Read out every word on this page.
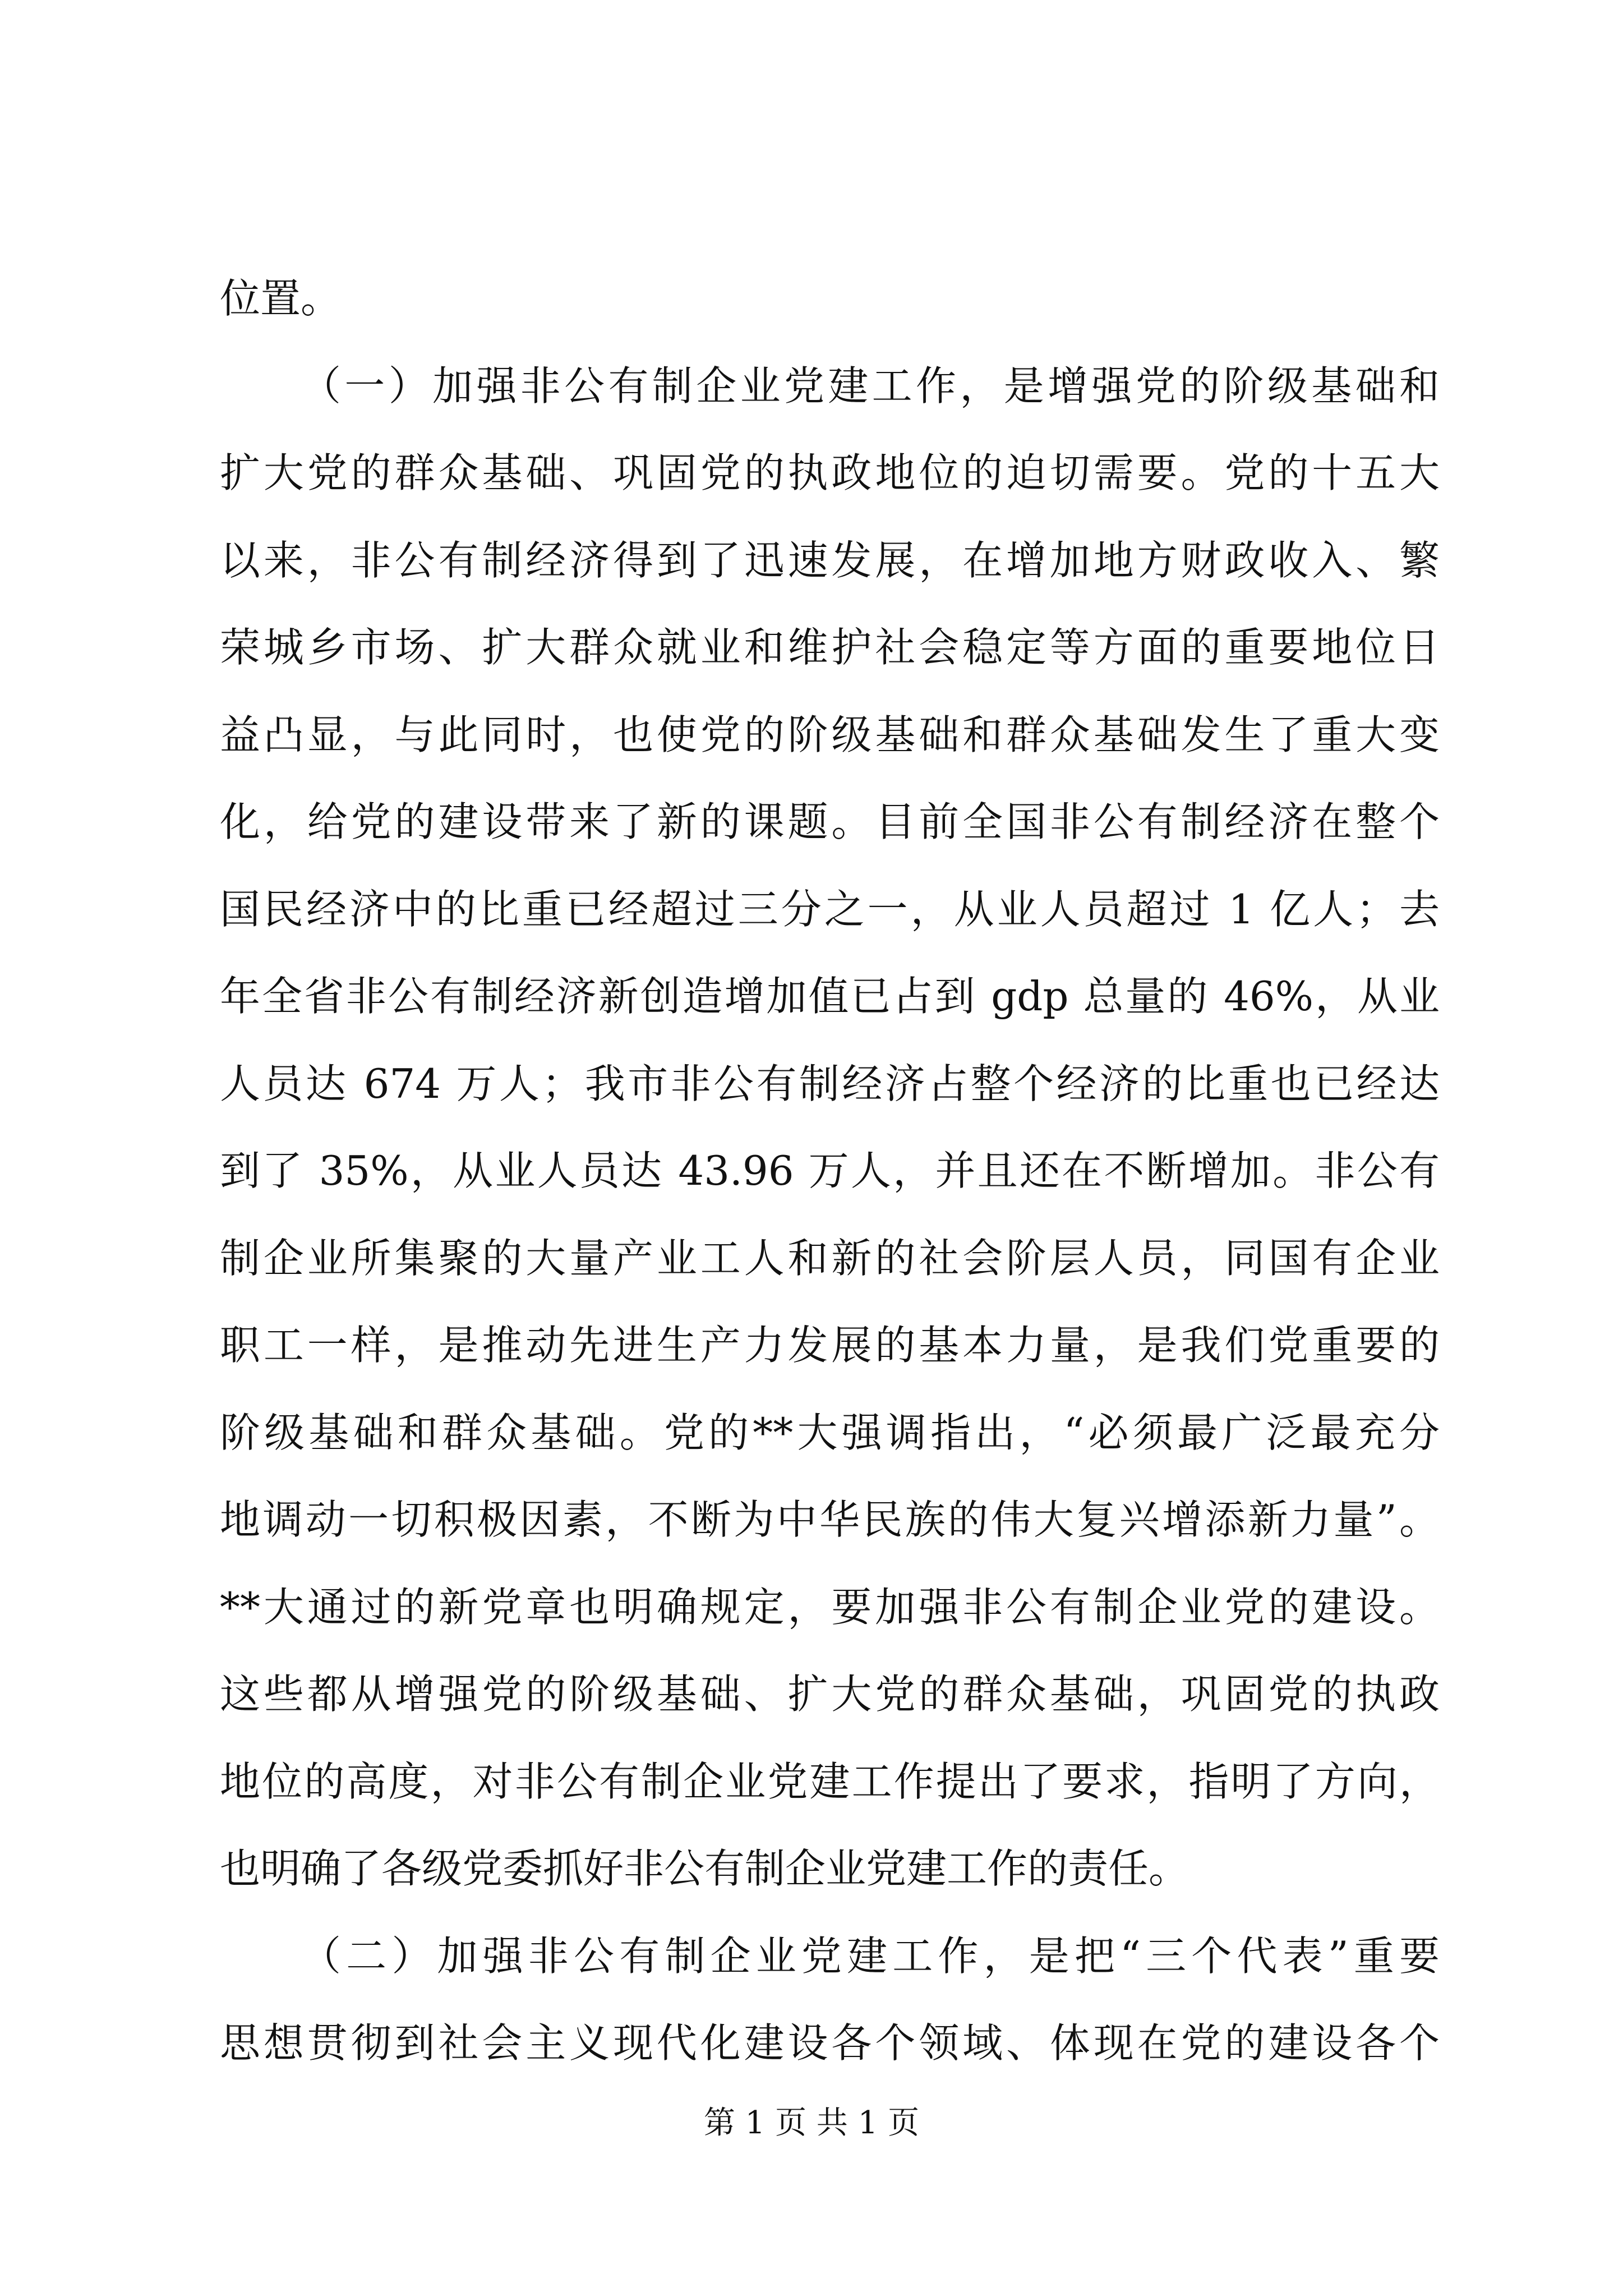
位置。
（一）加强非公有制企业党建工作，是增强党的阶级基础和
扩大党的群众基础、巩固党的执政地位的迫切需要。党的十五大
以来，非公有制经济得到了迅速发展，在增加地方财政收入、繁
荣城乡市场、扩大群众就业和维护社会稳定等方面的重要地位日
益凸显，与此同时，也使党的阶级基础和群众基础发生了重大变
化，给党的建设带来了新的课题。目前全国非公有制经济在整个
国民经济中的比重已经超过三分之一，从业人员超过 1 亿人；去
年全省非公有制经济新创造增加值已占到 gdp 总量的 46%，从业
人员达 674 万人；我市非公有制经济占整个经济的比重也已经达
到了 35%，从业人员达 43.96 万人，并且还在不断增加。非公有
制企业所集聚的大量产业工人和新的社会阶层人员，同国有企业
职工一样，是推动先进生产力发展的基本力量，是我们党重要的
阶级基础和群众基础。党的**大强调指出，“必须最广泛最充分
地调动一切积极因素，不断为中华民族的伟大复兴增添新力量”。
**大通过的新党章也明确规定，要加强非公有制企业党的建设。
这些都从增强党的阶级基础、扩大党的群众基础，巩固党的执政
地位的高度，对非公有制企业党建工作提出了要求，指明了方向，
也明确了各级党委抓好非公有制企业党建工作的责任。
（二）加强非公有制企业党建工作，是把“三个代表”重要
思想贯彻到社会主义现代化建设各个领域、体现在党的建设各个
第 1 页 共 1 页
